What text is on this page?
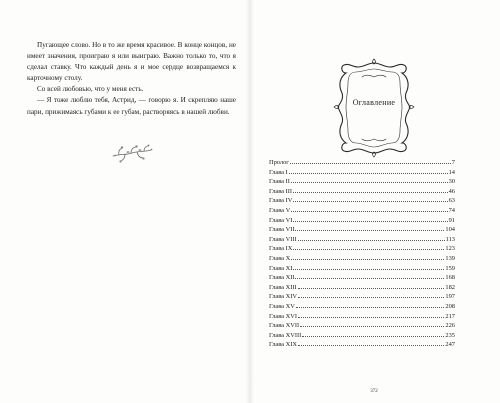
Пугающее слово. Но в то же время красивое. В конце концов, не имеет значения, проиграю я или выиграю. Важно только то, что я сделал ставку. Что каждый день я и мое сердце возвращаемся к карточному столу.

Со всей любовью, что у меня есть.

— Я тоже люблю тебя, Астрид, — говорю я. И скрепляю наше пари, прижимаясь губами к ее губам, растворяясь в нашей любви.

Оглавление
Пролог	7
Глава I	14
Глава II	30
Глава III	46
Глава IV	63
Глава V	74
Глава VI	91
Глава VII	104
Глава VIII	113
Глава IX	123
Глава X	139
Глава XI	159
Глава XII	168
Глава XIII	182
Глава XIV	197
Глава XV	208
Глава XVI	217
Глава XVII	226
Глава XVIII	235
Глава XIX	247
372
